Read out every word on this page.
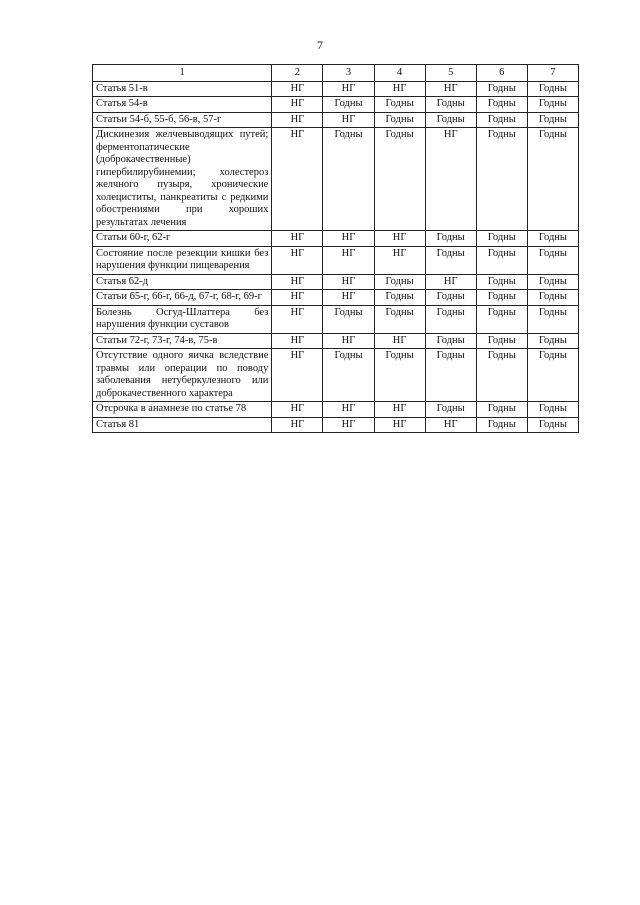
7
1	2	3	4	5	6	7
Статья 51-в	НГ	НГ	НГ	НГ	Годны	Годны
Статья 54-в	НГ	Годны	Годны	Годны	Годны	Годны
Статьи 54-б, 55-б, 56-в, 57-г	НГ	НГ	Годны	Годны	Годны	Годны
Дискинезия желчевыводящих путей; ферментопатические (доброкачественные) гипербилирубинемии; холестероз желчного пузыря, хронические холециститы, панкреатиты с редкими обострениями при хороших результатах лечения	НГ	Годны	Годны	НГ	Годны	Годны
Статьи 60-г, 62-г	НГ	НГ	НГ	Годны	Годны	Годны
Состояние после резекции кишки без нарушения функции пищеварения	НГ	НГ	НГ	Годны	Годны	Годны
Статья 62-д	НГ	НГ	Годны	НГ	Годны	Годны
Статьи 65-г, 66-г, 66-д, 67-г, 68-г, 69-г	НГ	НГ	Годны	Годны	Годны	Годны
Болезнь Осгуд-Шлаттера без нарушения функции суставов	НГ	Годны	Годны	Годны	Годны	Годны
Статьи 72-г, 73-г, 74-в, 75-в	НГ	НГ	НГ	Годны	Годны	Годны
Отсутствие одного яичка вследствие травмы или операции по поводу заболевания нетуберкулезного или доброкачественного характера	НГ	Годны	Годны	Годны	Годны	Годны
Отсрочка в анамнезе по статье 78	НГ	НГ	НГ	Годны	Годны	Годны
Статья 81	НГ	НГ	НГ	НГ	Годны	Годны
